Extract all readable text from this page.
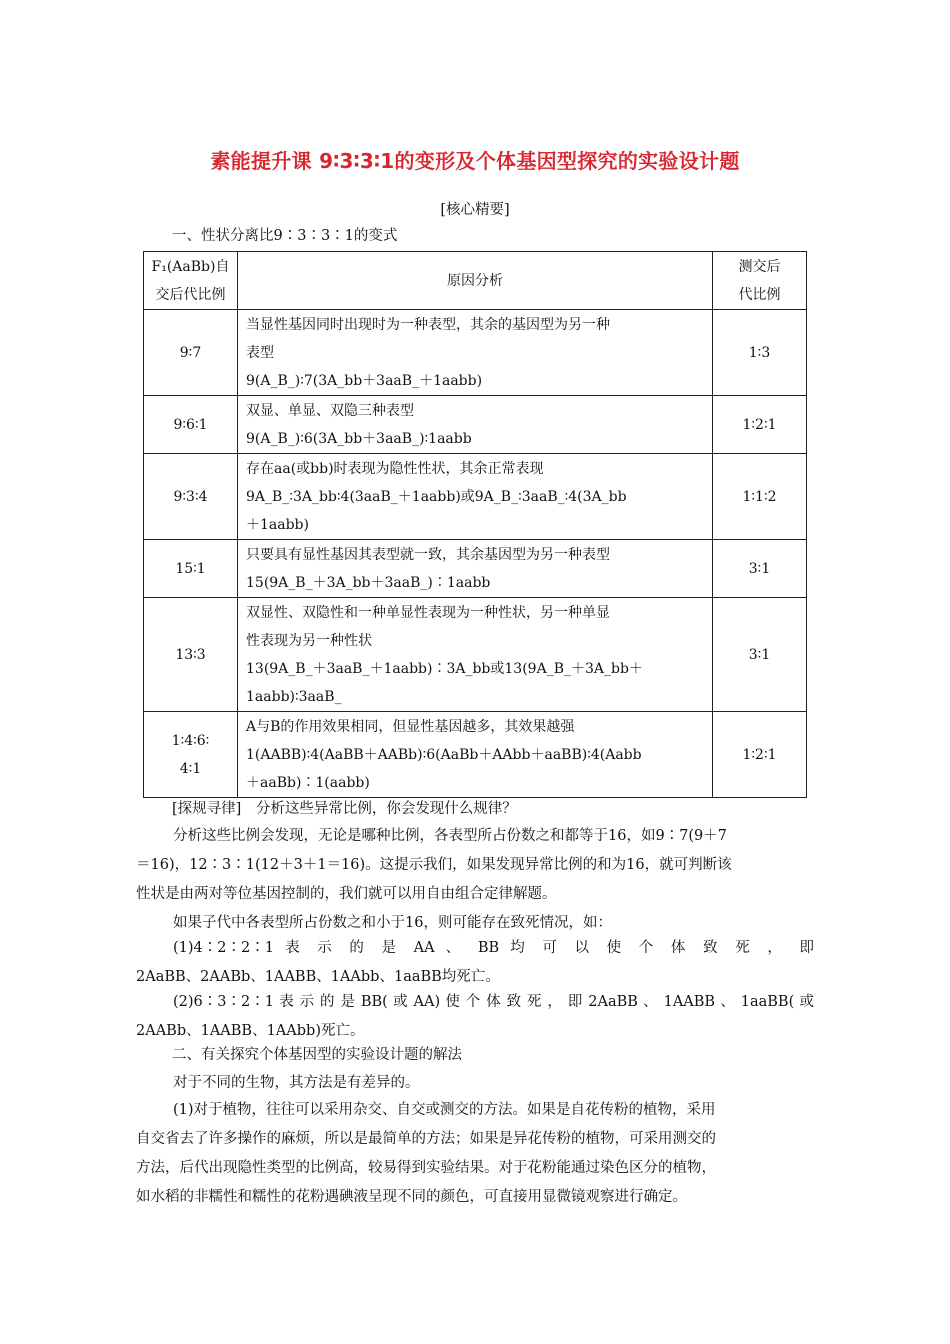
素能提升课 9∶3∶3∶1的变形及个体基因型探究的实验设计题
[核心精要]
一、性状分离比9∶3∶3∶1的变式
F₁(AaBb)自
交后代比例	原因分析	测交后
代比例

9∶7	当显性基因同时出现时为一种表型，其余的基因型为另一种
表型
9(A_B_)∶7(3A_bb＋3aaB_＋1aabb)	1∶3
9∶6∶1	双显、单显、双隐三种表型
9(A_B_)∶6(3A_bb＋3aaB_)∶1aabb	1∶2∶1
9∶3∶4	存在aa(或bb)时表现为隐性性状，其余正常表现
9A_B_∶3A_bb∶4(3aaB_＋1aabb)或9A_B_∶3aaB_∶4(3A_bb
＋1aabb)	1∶1∶2
15∶1	只要具有显性基因其表型就一致，其余基因型为另一种表型
15(9A_B_＋3A_bb＋3aaB_)∶1aabb	3∶1
13∶3	双显性、双隐性和一种单显性表现为一种性状，另一种单显
性表现为另一种性状
13(9A_B_＋3aaB_＋1aabb)∶3A_bb或13(9A_B_＋3A_bb＋
1aabb)∶3aaB_	3∶1

1∶4∶6∶
4∶1	A与B的作用效果相同，但显性基因越多，其效果越强
1(AABB)∶4(AaBB＋AABb)∶6(AaBb＋AAbb＋aaBB)∶4(Aabb
＋aaBb)∶1(aabb)	1∶2∶1
[探规寻律]　分析这些异常比例，你会发现什么规律？
分析这些比例会发现，无论是哪种比例，各表型所占份数之和都等于16，如9∶7(9＋7
＝16)，12∶3∶1(12＋3＋1＝16)。这提示我们，如果发现异常比例的和为16，就可判断该
性状是由两对等位基因控制的，我们就可以用自由组合定律解题。
如果子代中各表型所占份数之和小于16，则可能存在致死情况，如：
(1)4∶2∶2∶1 表 示 的 是 AA 、 BB 均 可 以 使 个 体 致 死 ， 即
2AaBB、2AABb、1AABB、1AAbb、1aaBB均死亡。
(2)6∶3∶2∶1 表 示 的 是 BB( 或 AA) 使 个 体 致 死 ， 即 2AaBB 、 1AABB 、 1aaBB( 或
2AABb、1AABB、1AAbb)死亡。
二、有关探究个体基因型的实验设计题的解法
对于不同的生物，其方法是有差异的。
(1)对于植物，往往可以采用杂交、自交或测交的方法。如果是自花传粉的植物，采用
自交省去了许多操作的麻烦，所以是最简单的方法；如果是异花传粉的植物，可采用测交的
方法，后代出现隐性类型的比例高，较易得到实验结果。对于花粉能通过染色区分的植物，
如水稻的非糯性和糯性的花粉遇碘液呈现不同的颜色，可直接用显微镜观察进行确定。
